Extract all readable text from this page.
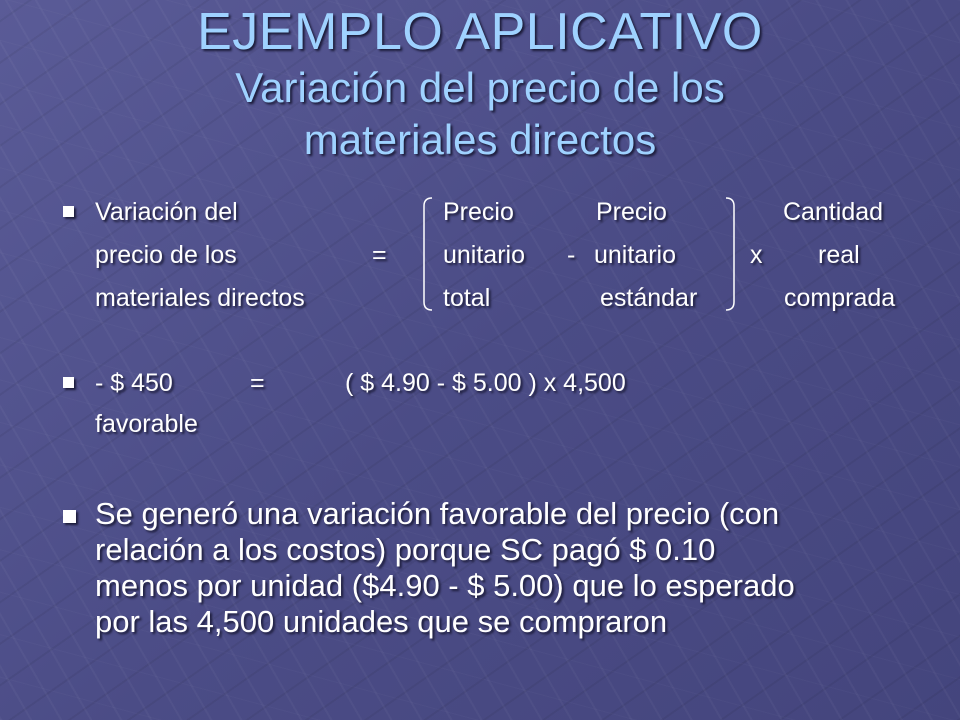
EJEMPLO APLICATIVO
Variación del precio de los
materiales directos
Variación del
precio de los
materiales directos
=
Precio
unitario
total
-
Precio
unitario
estándar
x
Cantidad
real
comprada
- $ 450	=	( $ 4.90 - $ 5.00 ) x 4,500
favorable
Se generó una variación favorable del precio (con
relación a los costos) porque SC pagó $ 0.10
menos por unidad ($4.90 - $ 5.00) que lo esperado
por las 4,500 unidades que se compraron
